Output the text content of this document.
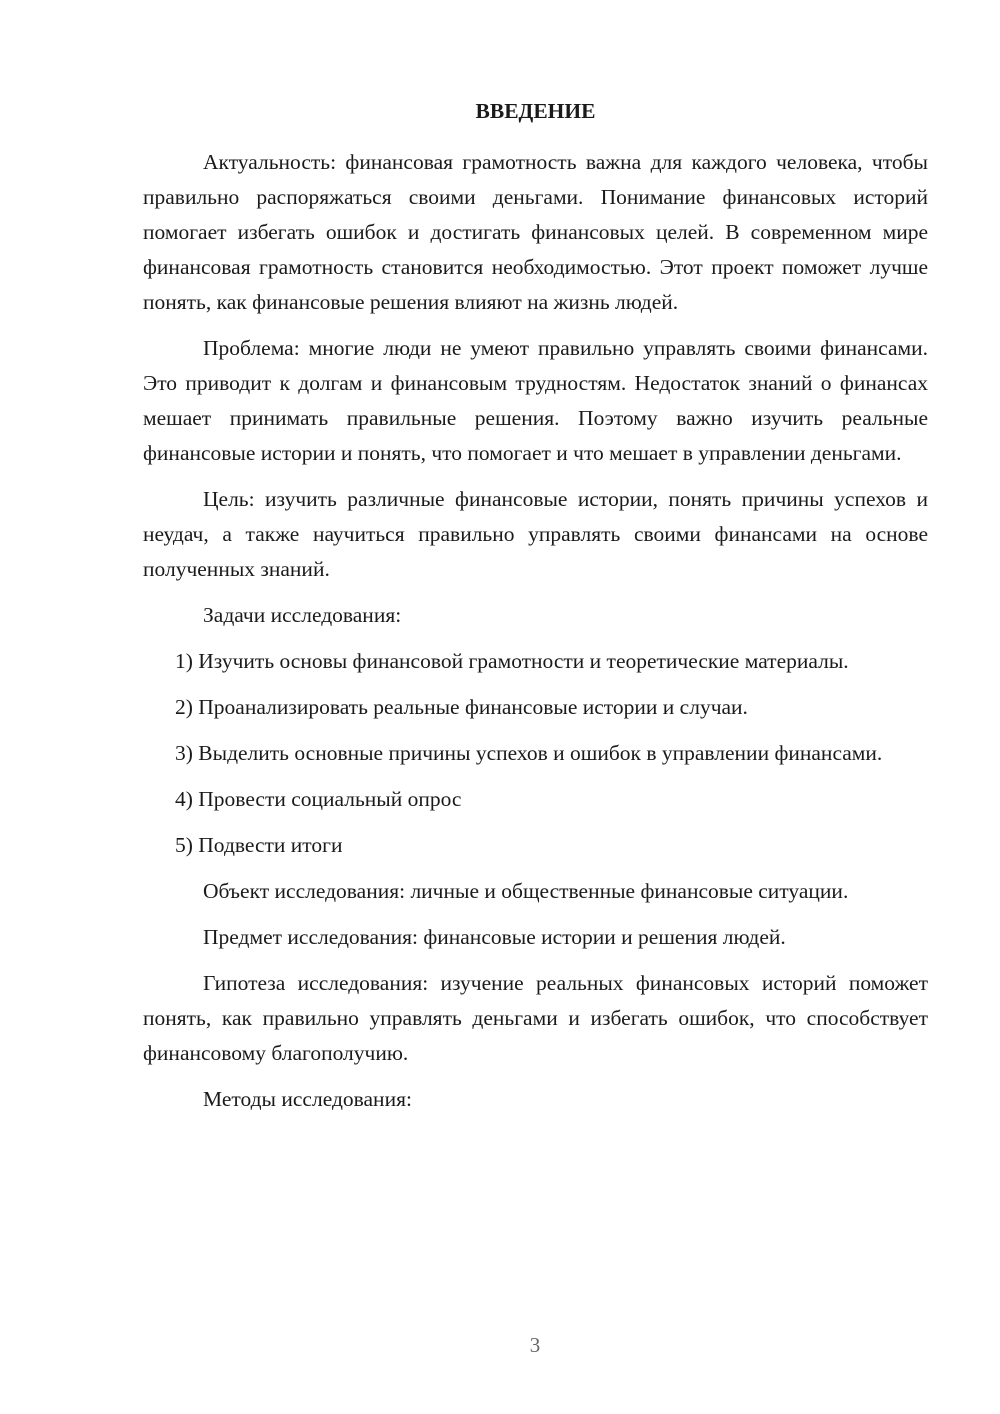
ВВЕДЕНИЕ

Актуальность: финансовая грамотность важна для каждого человека, чтобы правильно распоряжаться своими деньгами. Понимание финансовых историй помогает избегать ошибок и достигать финансовых целей. В современном мире финансовая грамотность становится необходимостью. Этот проект поможет лучше понять, как финансовые решения влияют на жизнь людей.

Проблема: многие люди не умеют правильно управлять своими финансами. Это приводит к долгам и финансовым трудностям. Недостаток знаний о финансах мешает принимать правильные решения. Поэтому важно изучить реальные финансовые истории и понять, что помогает и что мешает в управлении деньгами.

Цель: изучить различные финансовые истории, понять причины успехов и неудач, а также научиться правильно управлять своими финансами на основе полученных знаний.

Задачи исследования:

1) Изучить основы финансовой грамотности и теоретические материалы.

2) Проанализировать реальные финансовые истории и случаи.

3) Выделить основные причины успехов и ошибок в управлении финансами.

4) Провести социальный опрос

5) Подвести итоги

Объект исследования: личные и общественные финансовые ситуации.

Предмет исследования: финансовые истории и решения людей.

Гипотеза исследования: изучение реальных финансовых историй поможет понять, как правильно управлять деньгами и избегать ошибок, что способствует финансовому благополучию.

Методы исследования:

3
